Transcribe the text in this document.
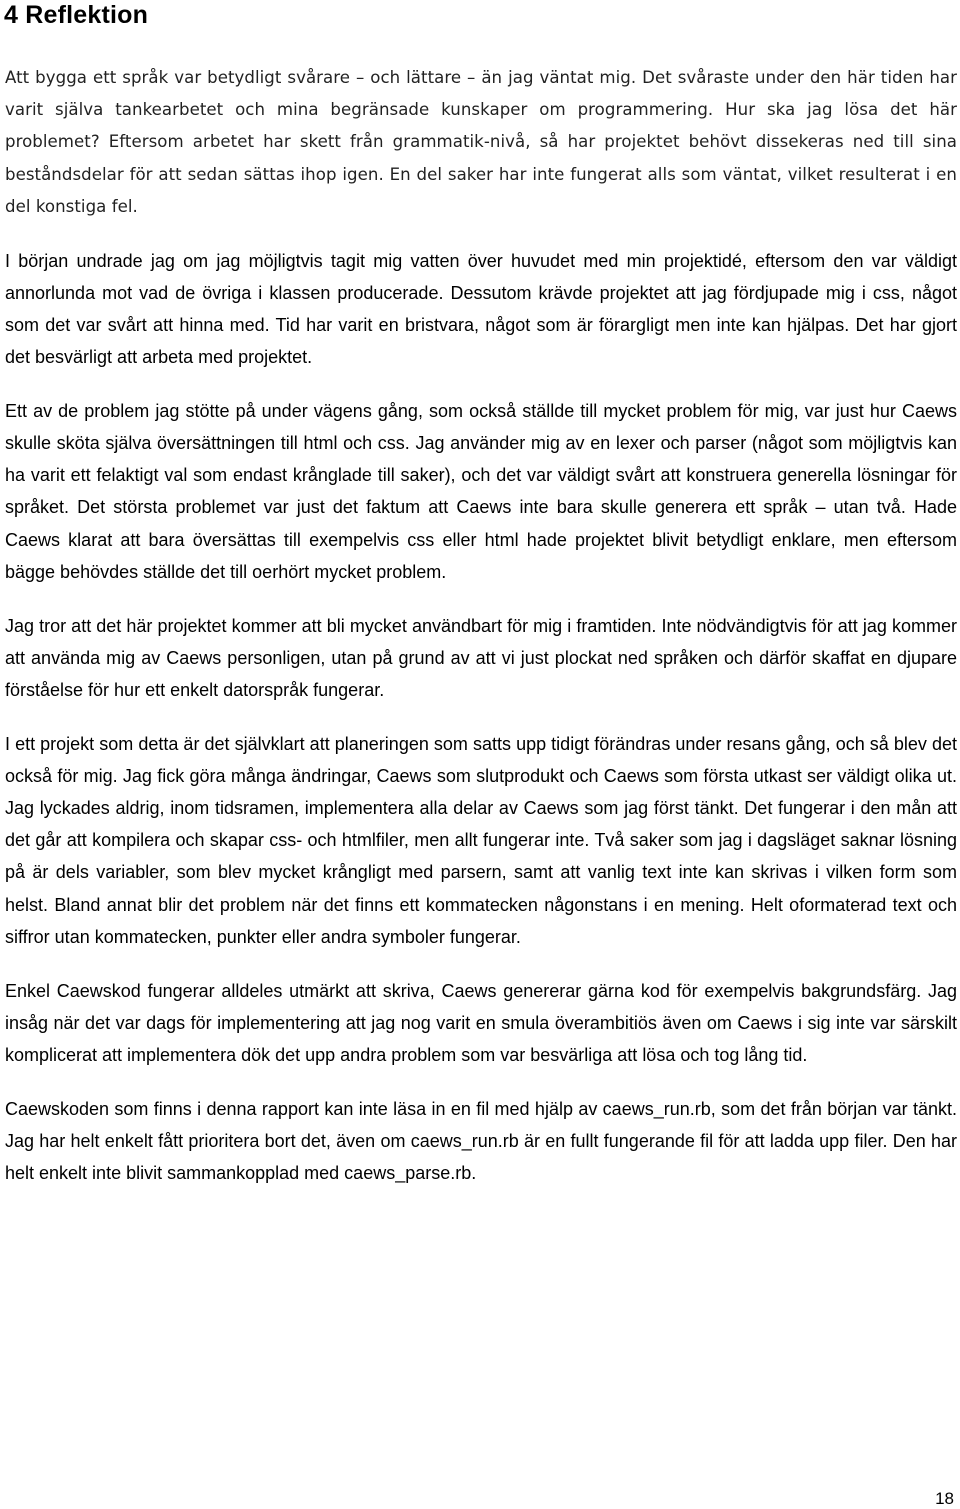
4 Reflektion

Att bygga ett språk var betydligt svårare – och lättare – än jag väntat mig. Det svåraste under den här tiden har varit själva tankearbetet och mina begränsade kunskaper om programmering. Hur ska jag lösa det här problemet? Eftersom arbetet har skett från grammatik-nivå, så har projektet behövt dissekeras ned till sina beståndsdelar för att sedan sättas ihop igen. En del saker har inte fungerat alls som väntat, vilket resulterat i en del konstiga fel.

I början undrade jag om jag möjligtvis tagit mig vatten över huvudet med min projektidé, eftersom den var väldigt annorlunda mot vad de övriga i klassen producerade. Dessutom krävde projektet att jag fördjupade mig i css, något som det var svårt att hinna med. Tid har varit en bristvara, något som är förargligt men inte kan hjälpas. Det har gjort det besvärligt att arbeta med projektet.

Ett av de problem jag stötte på under vägens gång, som också ställde till mycket problem för mig, var just hur Caews skulle sköta själva översättningen till html och css. Jag använder mig av en lexer och parser (något som möjligtvis kan ha varit ett felaktigt val som endast krånglade till saker), och det var väldigt svårt att konstruera generella lösningar för språket. Det största problemet var just det faktum att Caews inte bara skulle generera ett språk – utan två. Hade Caews klarat att bara översättas till exempelvis css eller html hade projektet blivit betydligt enklare, men eftersom bägge behövdes ställde det till oerhört mycket problem.

Jag tror att det här projektet kommer att bli mycket användbart för mig i framtiden. Inte nödvändigtvis för att jag kommer att använda mig av Caews personligen, utan på grund av att vi just plockat ned språken och därför skaffat en djupare förståelse för hur ett enkelt datorspråk fungerar.

I ett projekt som detta är det självklart att planeringen som satts upp tidigt förändras under resans gång, och så blev det också för mig. Jag fick göra många ändringar, Caews som slutprodukt och Caews som första utkast ser väldigt olika ut. Jag lyckades aldrig, inom tidsramen, implementera alla delar av Caews som jag först tänkt. Det fungerar i den mån att det går att kompilera och skapar css- och htmlfiler, men allt fungerar inte. Två saker som jag i dagsläget saknar lösning på är dels variabler, som blev mycket krångligt med parsern, samt att vanlig text inte kan skrivas i vilken form som helst. Bland annat blir det problem när det finns ett kommatecken någonstans i en mening. Helt oformaterad text och siffror utan kommatecken, punkter eller andra symboler fungerar.

Enkel Caewskod fungerar alldeles utmärkt att skriva, Caews genererar gärna kod för exempelvis bakgrundsfärg. Jag insåg när det var dags för implementering att jag nog varit en smula överambitiös även om Caews i sig inte var särskilt komplicerat att implementera dök det upp andra problem som var besvärliga att lösa och tog lång tid.

Caewskoden som finns i denna rapport kan inte läsa in en fil med hjälp av caews_run.rb, som det från början var tänkt. Jag har helt enkelt fått prioritera bort det, även om caews_run.rb är en fullt fungerande fil för att ladda upp filer. Den har helt enkelt inte blivit sammankopplad med caews_parse.rb.

18
